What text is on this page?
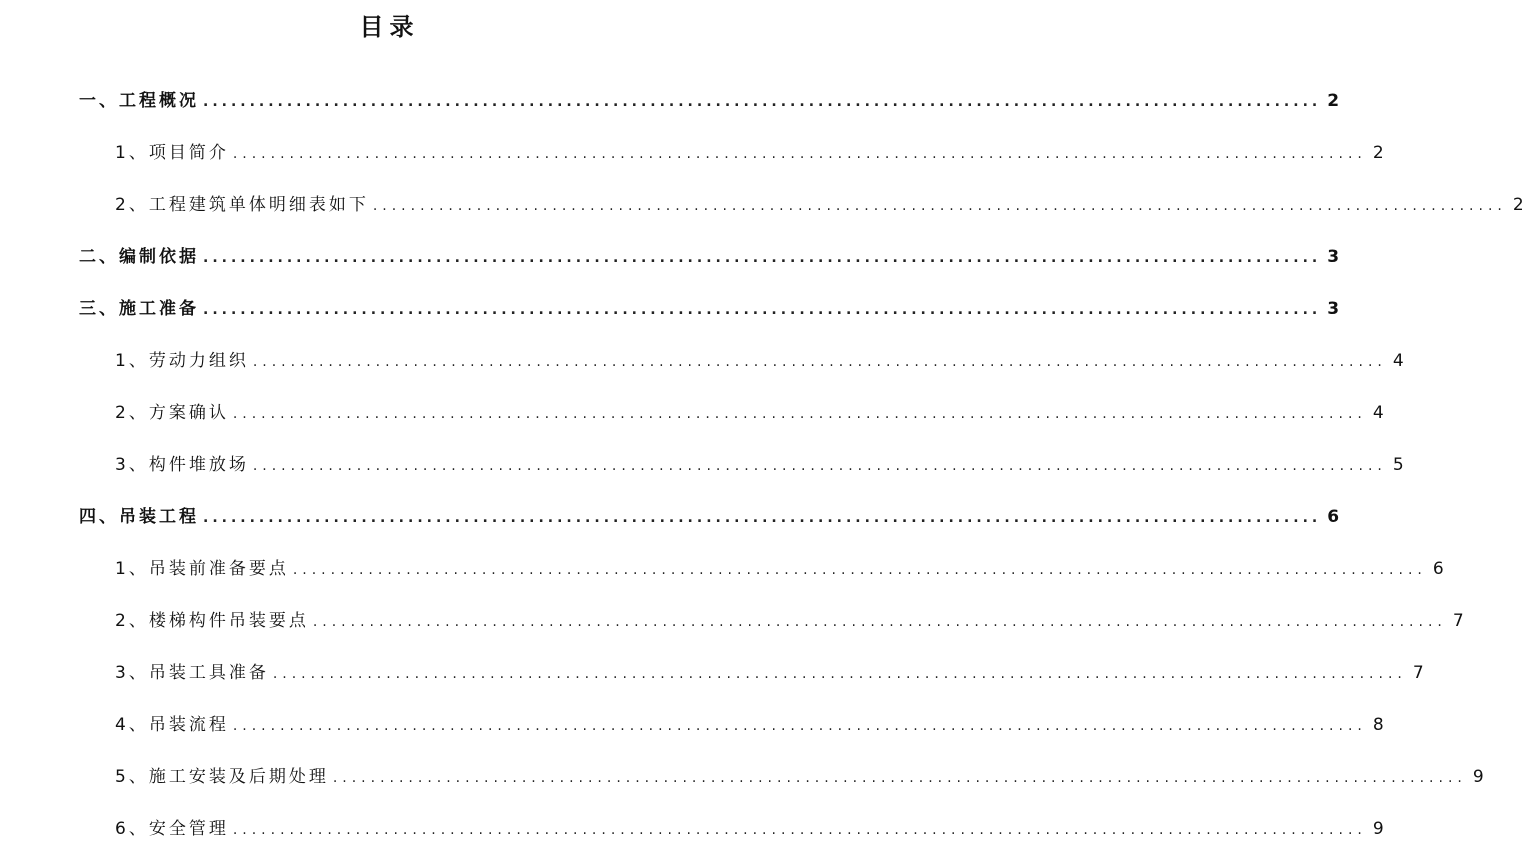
目录
一、工程概况 ........................................................................................................................ 2
1、项目简介 ........................................................................................................................ 2
2、工程建筑单体明细表如下 ........................................................................................................................ 2
二、编制依据 ........................................................................................................................ 3
三、施工准备 ........................................................................................................................ 3
1、劳动力组织 ........................................................................................................................ 4
2、方案确认 ........................................................................................................................ 4
3、构件堆放场 ........................................................................................................................ 5
四、吊装工程 ........................................................................................................................ 6
1、吊装前准备要点 ........................................................................................................................ 6
2、楼梯构件吊装要点 ........................................................................................................................ 7
3、吊装工具准备 ........................................................................................................................ 7
4、吊装流程 ........................................................................................................................ 8
5、施工安装及后期处理 ........................................................................................................................ 9
6、安全管理 ........................................................................................................................ 9
